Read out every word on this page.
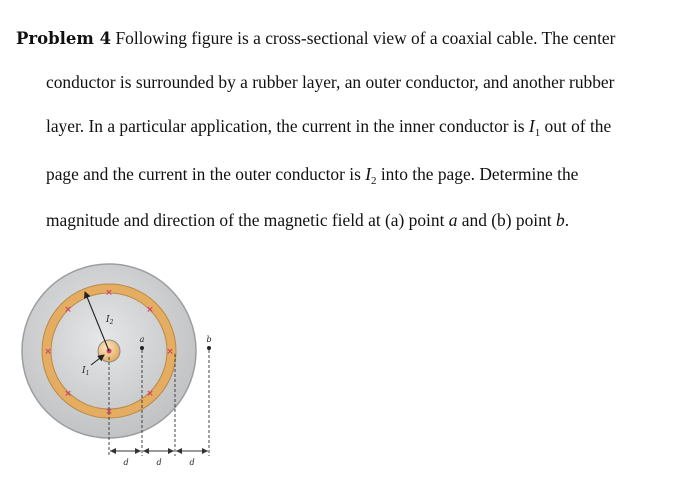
Problem 4 Following figure is a cross-sectional view of a coaxial cable. The center
conductor is surrounded by a rubber layer, an outer conductor, and another rubber
layer. In a particular application, the current in the inner conductor is $I_1$ out of the
page and the current in the outer conductor is $I_2$ into the page. Determine the
magnitude and direction of the magnetic field at (a) point a and (b) point b.
×
×
×
×
×
×
×
×
$I_2$
$I_1$
a	b
d	d	d
